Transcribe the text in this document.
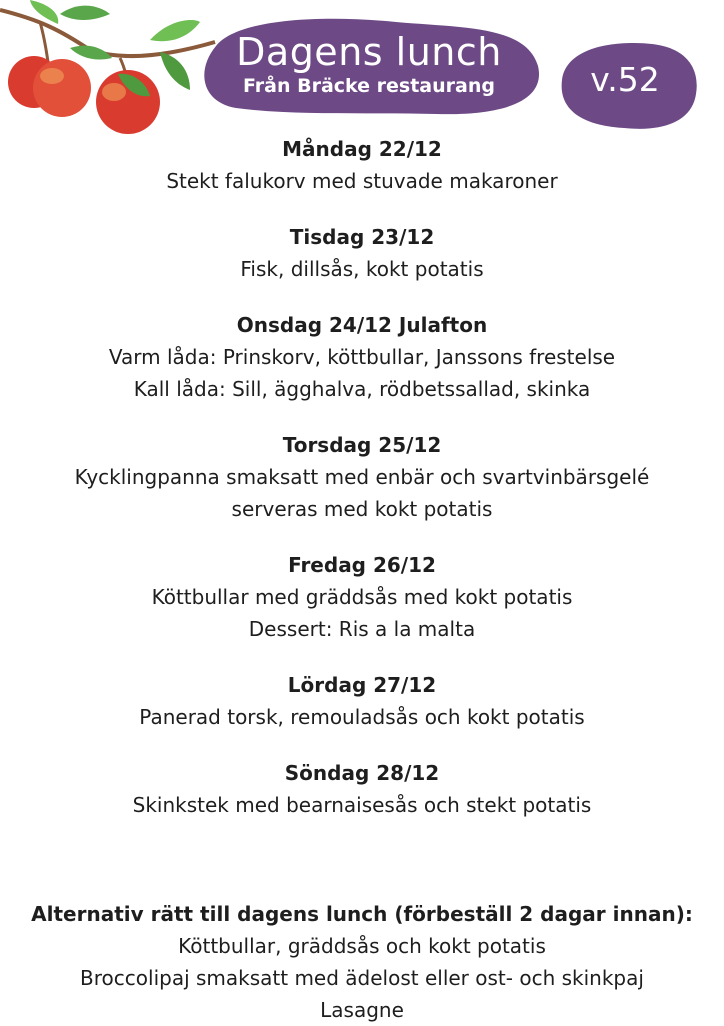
Dagens lunch
Från Bräcke restaurang	v.52
Måndag 22/12
Stekt falukorv med stuvade makaroner
Tisdag 23/12
Fisk, dillsås, kokt potatis
Onsdag 24/12 Julafton
Varm låda: Prinskorv, köttbullar, Janssons frestelse
Kall låda: Sill, ägghalva, rödbetssallad, skinka
Torsdag 25/12
Kycklingpanna smaksatt med enbär och svartvinbärsgelé
serveras med kokt potatis
Fredag 26/12
Köttbullar med gräddsås med kokt potatis
Dessert: Ris a la malta
Lördag 27/12
Panerad torsk, remouladsås och kokt potatis
Söndag 28/12
Skinkstek med bearnaisesås och stekt potatis
Alternativ rätt till dagens lunch (förbeställ 2 dagar innan):
Köttbullar, gräddsås och kokt potatis
Broccolipaj smaksatt med ädelost eller ost- och skinkpaj
Lasagne
